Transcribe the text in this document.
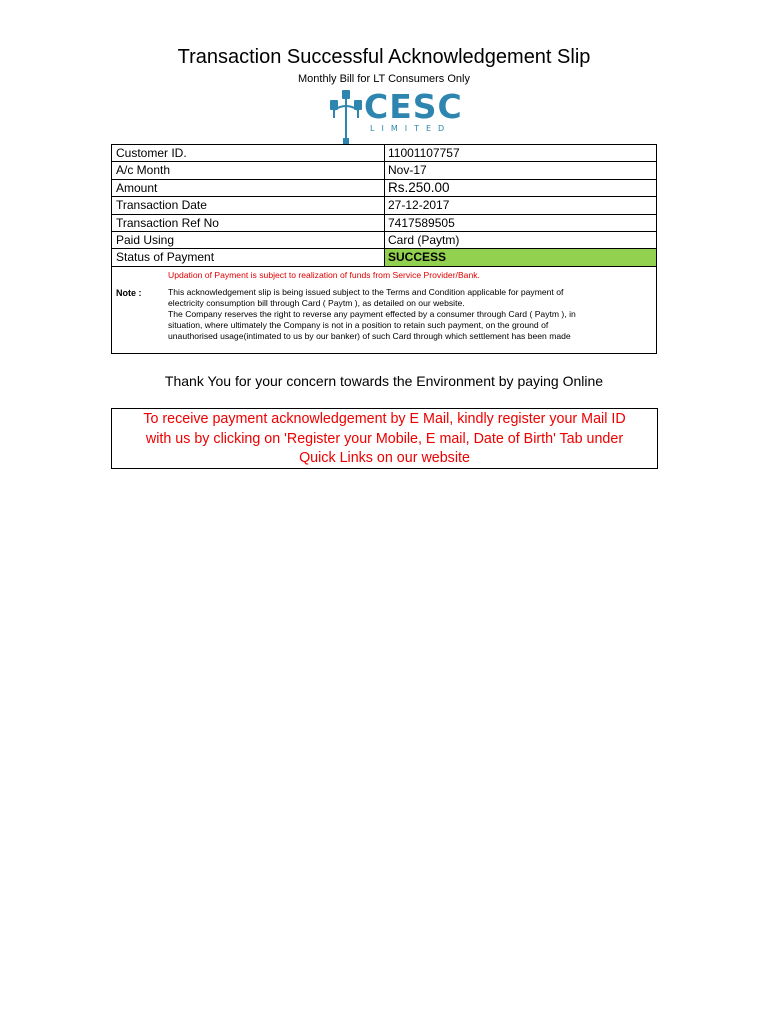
Transaction Successful Acknowledgement Slip
Monthly Bill for LT Consumers Only
CESC
LIMITED
Customer ID.	11001107757
A/c Month	Nov-17
Amount	Rs.250.00
Transaction Date	27-12-2017
Transaction Ref No	7417589505
Paid Using	Card (Paytm)
Status of Payment	SUCCESS
Updation of Payment is subject to realization of funds from Service Provider/Bank.
Note :	This acknowledgement slip is being issued subject to the Terms and Condition applicable for payment of
electricity consumption bill through Card ( Paytm ), as detailed on our website.
The Company reserves the right to reverse any payment effected by a consumer through Card ( Paytm ), in
situation, where ultimately the Company is not in a position to retain such payment, on the ground of
unauthorised usage(intimated to us by our banker) of such Card through which settlement has been made
Thank You for your concern towards the Environment by paying Online
To receive payment acknowledgement by E Mail, kindly register your Mail ID
with us by clicking on 'Register your Mobile, E mail, Date of Birth' Tab under
Quick Links on our website
